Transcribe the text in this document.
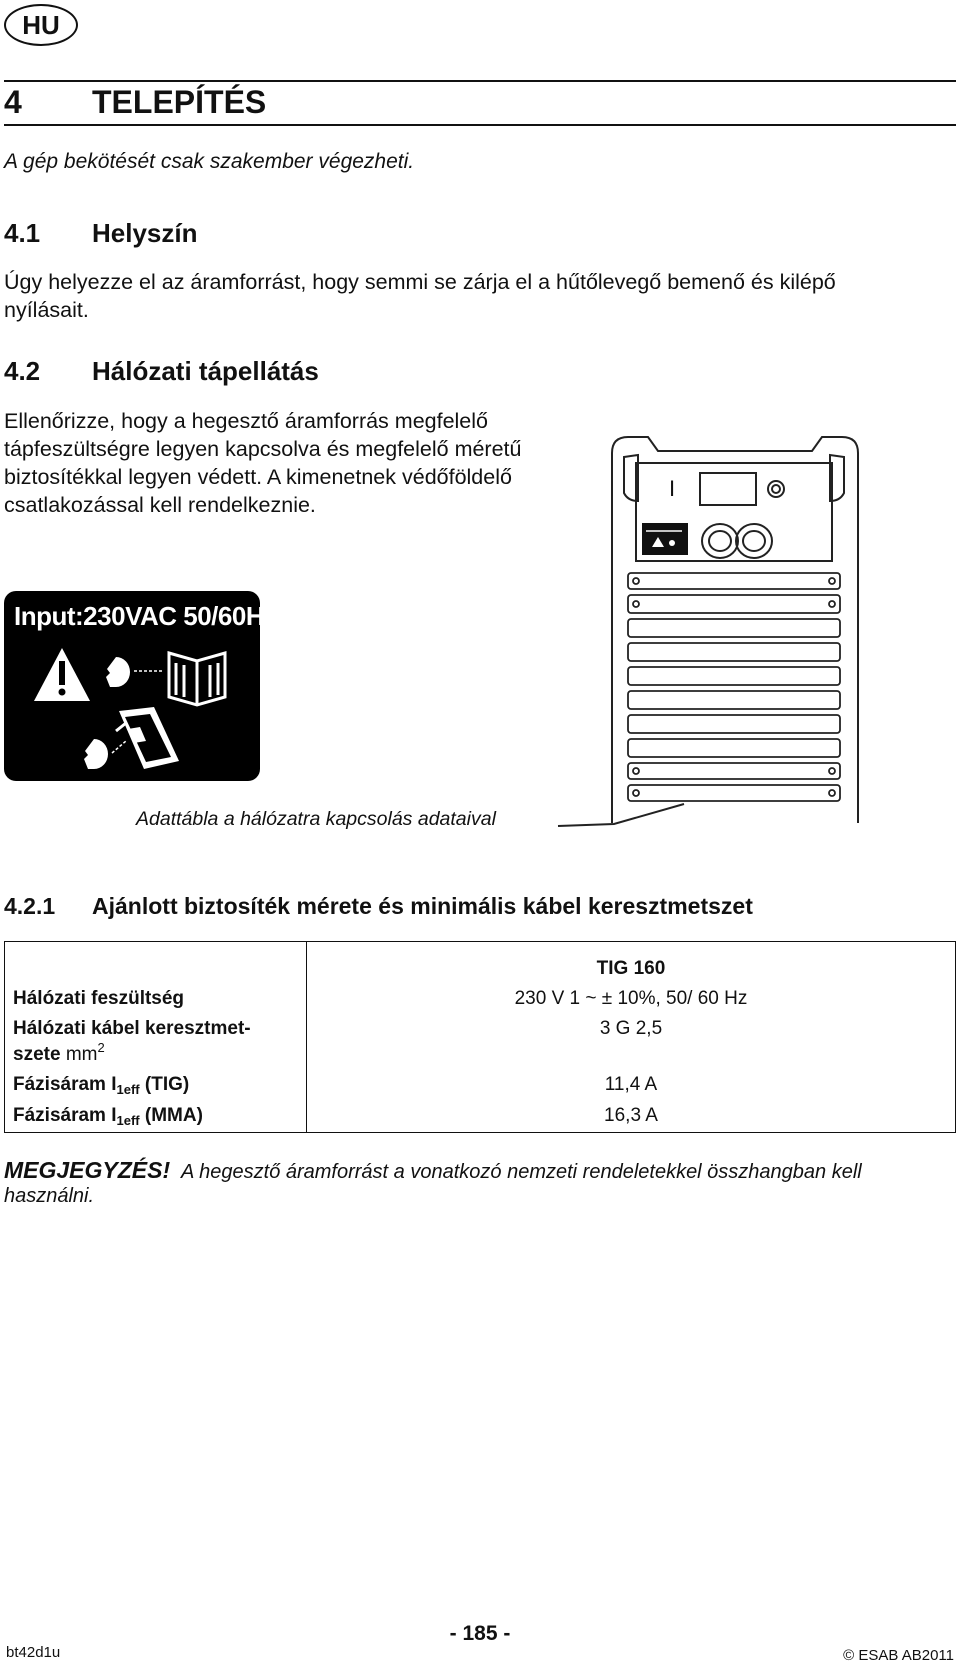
HU
4 TELEPÍTÉS
A gép bekötését csak szakember végezheti.
4.1 Helyszín
Úgy helyezze el az áramforrást, hogy semmi se zárja el a hűtőlevegő bemenő és kilépő nyílásait.
4.2 Hálózati tápellátás
Ellenőrizze, hogy a hegesztő áramforrás megfelelő tápfeszültségre legyen kapcsolva és megfelelő méretű biztosítékkal legyen védett. A kimenetnek védőföldelő csatlakozással kell rendelkeznie.
Input:230VAC 50/60Hz
I
Adattábla a hálózatra kapcsolás adataival
4.2.1 Ajánlott biztosíték mérete és minimális kábel keresztmetszet
	TIG 160
Hálózati feszültség	230 V 1 ~ ± 10%, 50/ 60 Hz
Hálózati kábel keresztmet-
szete $mm^2$	3 G 2,5
Fázisáram $I_{1eff}$ (TIG)	11,4 A
Fázisáram $I_{1eff}$ (MMA)	16,3 A
MEGJEGYZÉS! A hegesztő áramforrást a vonatkozó nemzeti rendeletekkel összhangban kell használni.
- 185 -
bt42d1u	© ESAB AB2011
